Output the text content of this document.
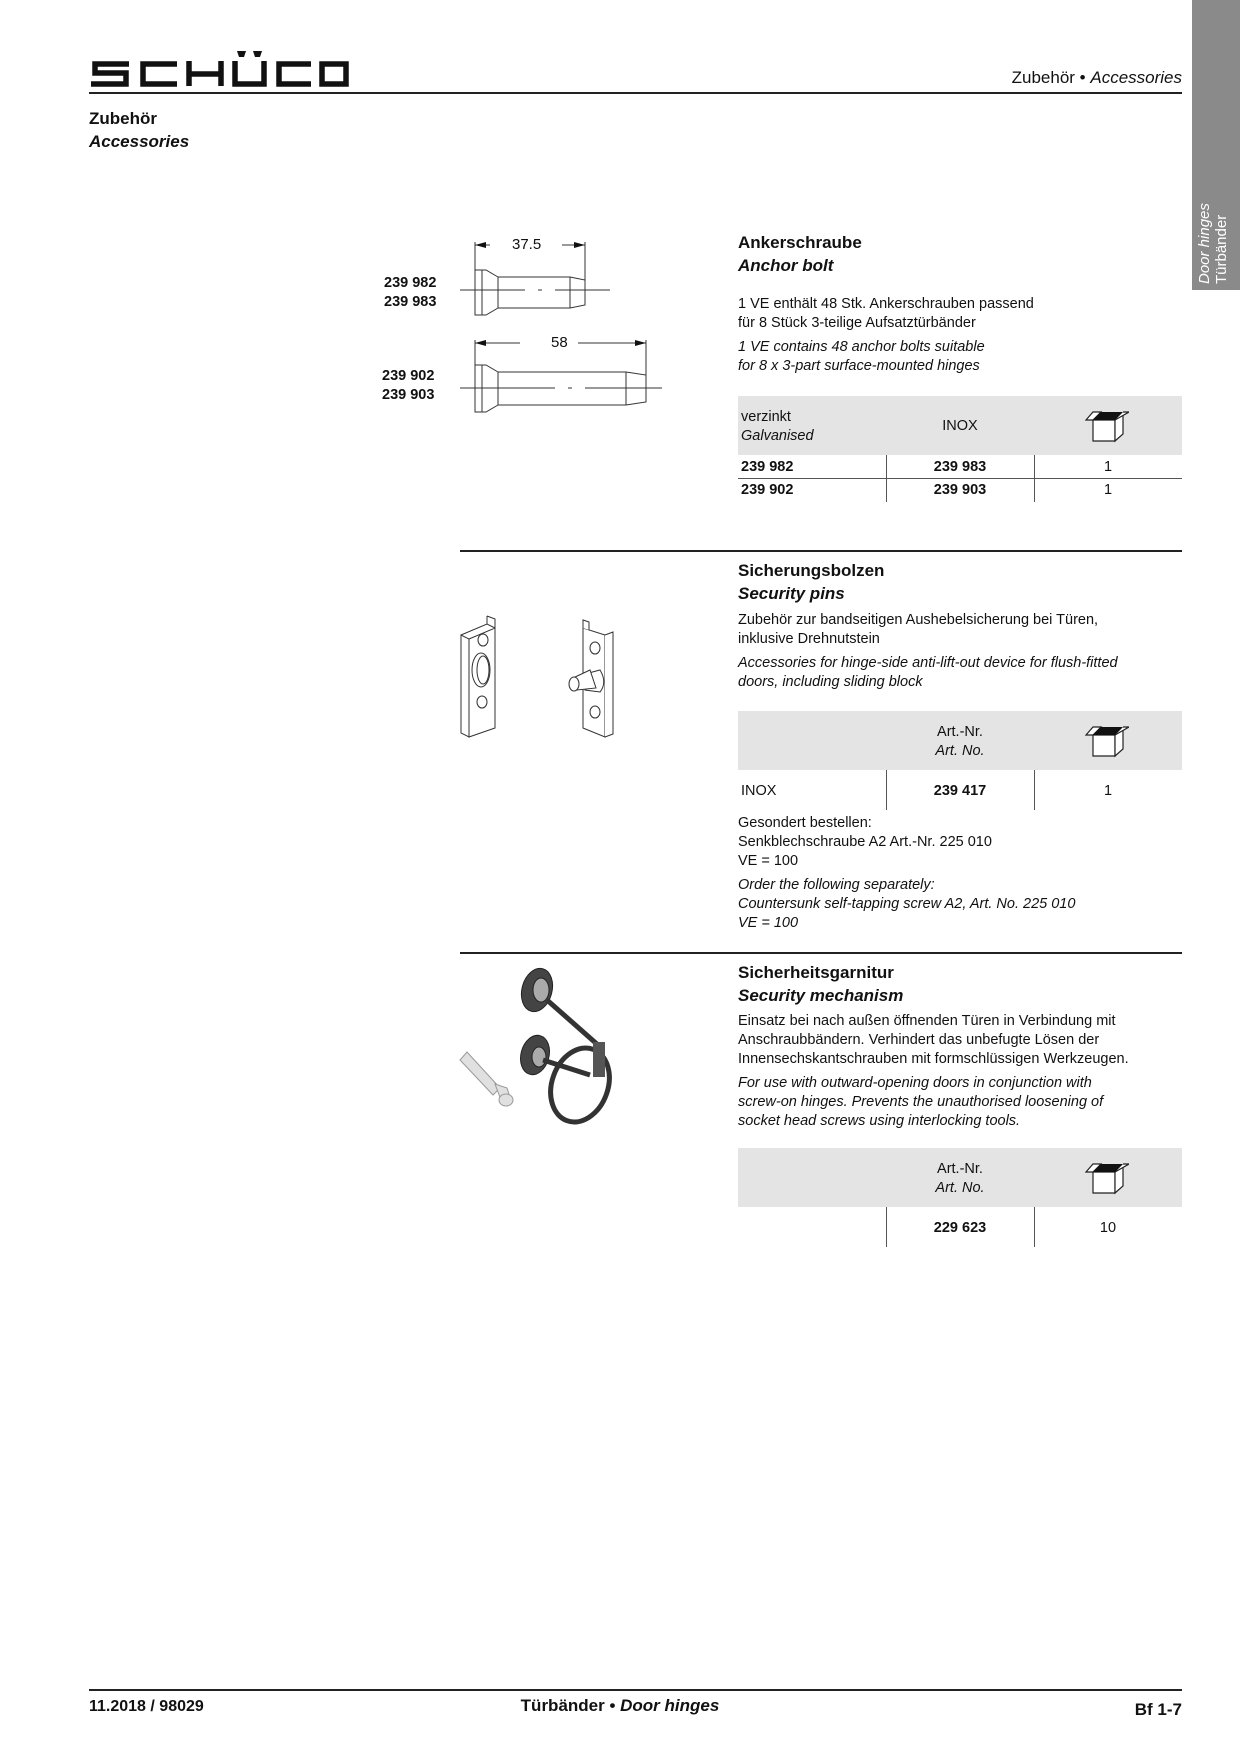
Zubehör • Accessories
Door hinges Türbänder
Zubehör
Accessories
239 982
239 983
239 902
239 903
37.5
58
Ankerschraube
Anchor bolt
1 VE enthält 48 Stk. Ankerschrauben passend
für 8 Stück 3-teilige Aufsatztürbänder
1 VE contains 48 anchor bolts suitable
for 8 x 3-part surface-mounted hinges
verzinkt
Galvanised
INOX
239 982	239 983	1
239 902	239 903	1
Sicherungsbolzen
Security pins
Zubehör zur bandseitigen Aushebelsicherung bei Türen,
inklusive Drehnutstein
Accessories for hinge-side anti-lift-out device for flush-fitted
doors, including sliding block
Art.-Nr.
Art. No.
INOX	239 417	1
Gesondert bestellen:
Senkblechschraube A2 Art.-Nr. 225 010
VE = 100
Order the following separately:
Countersunk self-tapping screw A2, Art. No. 225 010
VE = 100
Sicherheitsgarnitur
Security mechanism
Einsatz bei nach außen öffnenden Türen in Verbindung mit
Anschraubbändern. Verhindert das unbefugte Lösen der
Innensechskantschrauben mit formschlüssigen Werkzeugen.
For use with outward-opening doors in conjunction with
screw-on hinges. Prevents the unauthorised loosening of
socket head screws using interlocking tools.
Art.-Nr.
Art. No.
229 623	10
11.2018 / 98029	Türbänder • Door hinges	Bf 1-7
